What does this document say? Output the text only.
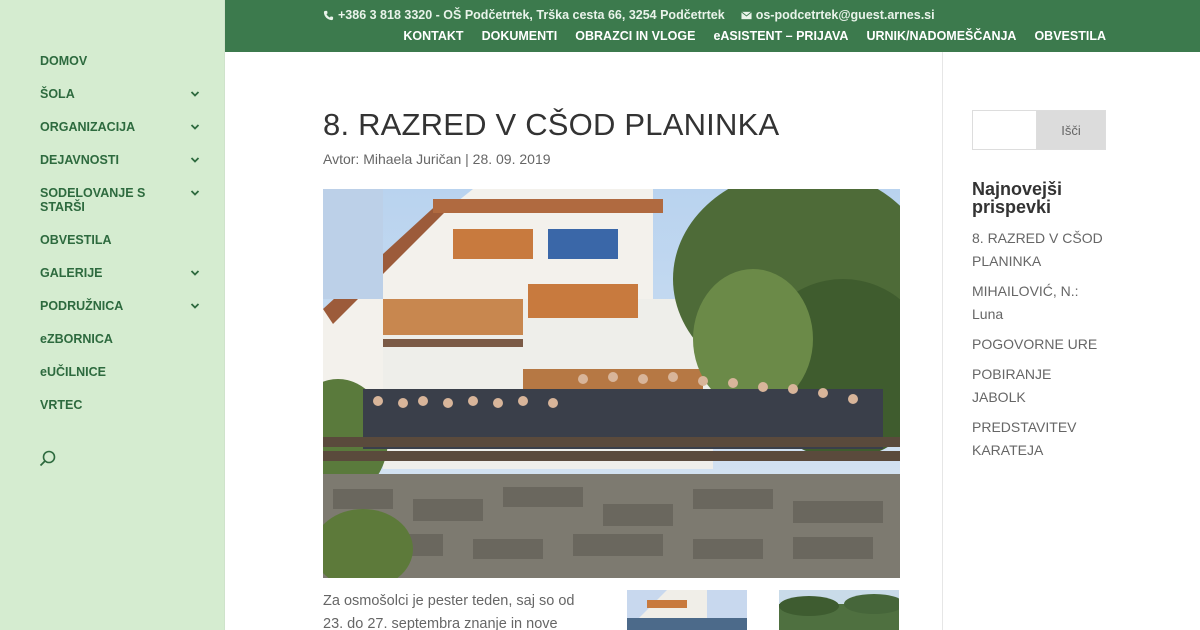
DOMOV
ŠOLA
ORGANIZACIJA
DEJAVNOSTI
SODELOVANJE S STARŠI
OBVESTILA
GALERIJE
PODRUŽNICA
eZBORNICA
eUČILNICE
VRTEC
+386 3 818 3320 - OŠ Podčetrtek, Trška cesta 66, 3254 Podčetrtek os-podcetrtek@guest.arnes.si
KONTAKT DOKUMENTI OBRAZCI IN VLOGE eASISTENT – PRIJAVA URNIK/NADOMEŠČANJA OBVESTILA
8. RAZRED V CŠOD PLANINKA
Avtor: Mihaela Juričan | 28. 09. 2019

Za osmošolci je pester teden, saj so od 23. do 27. septembra znanje in nove

Išči
Najnovejši prispevki
8. RAZRED V CŠOD PLANINKA
MIHAILOVIĆ, N.: Luna
POGOVORNE URE
POBIRANJE JABOLK
PREDSTAVITEV KARATEJA
